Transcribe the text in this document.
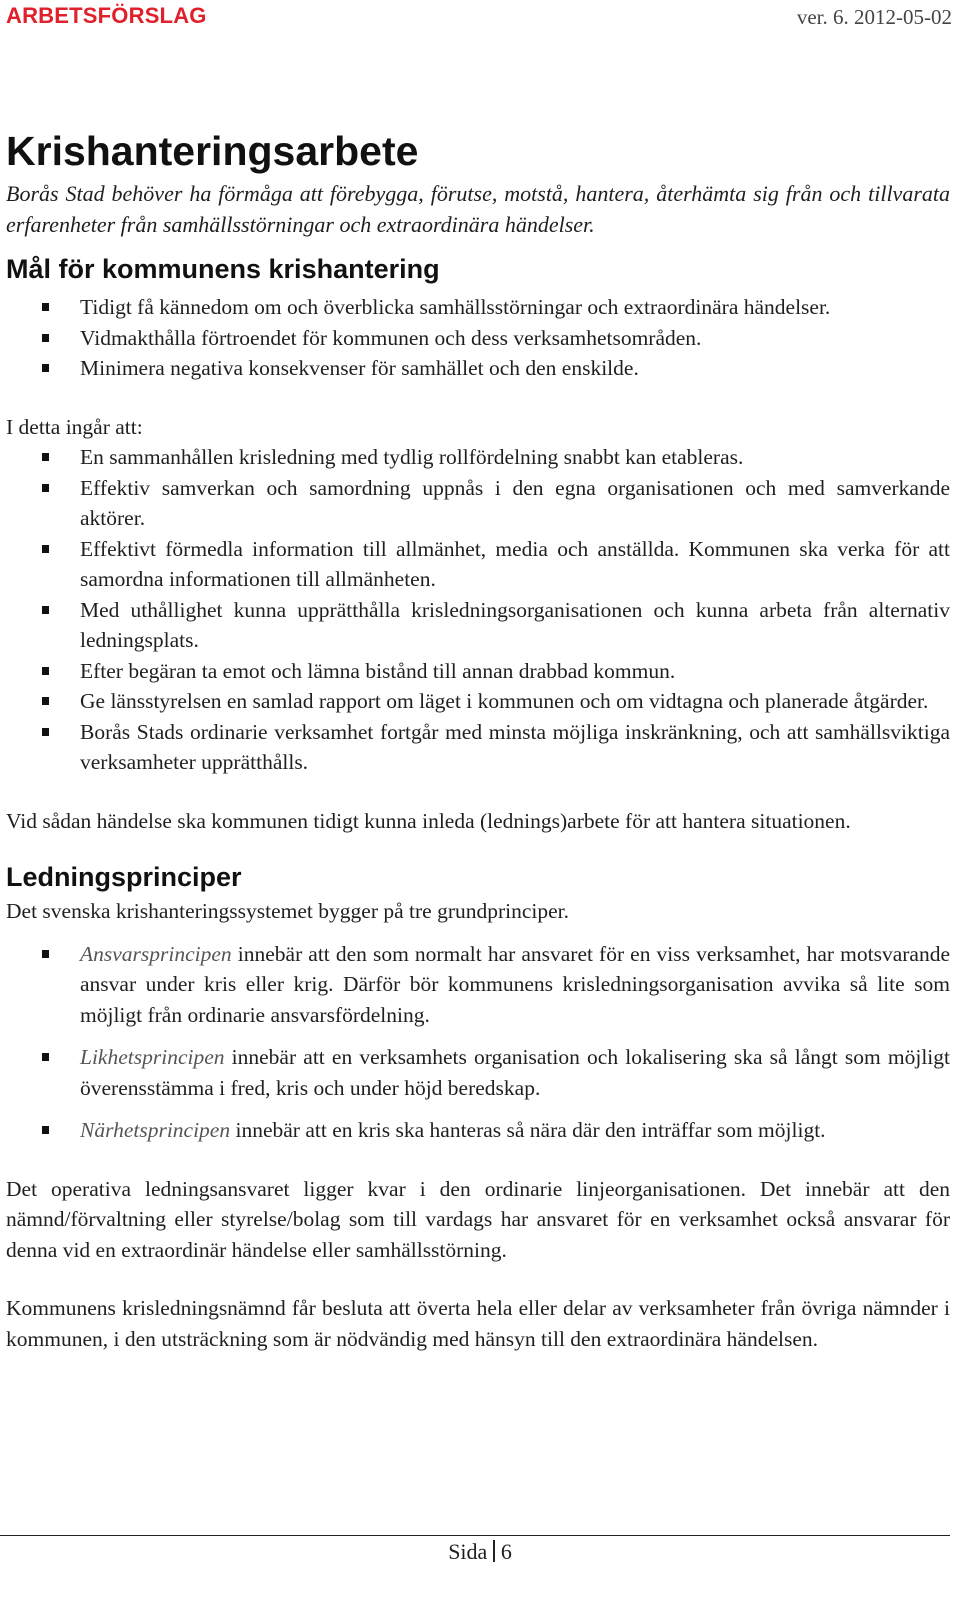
ARBETSFÖRSLAG	ver. 6. 2012-05-02
Krishanteringsarbete

Borås Stad behöver ha förmåga att förebygga, förutse, motstå, hantera, återhämta sig från och tillvarata erfarenheter från samhällsstörningar och extraordinära händelser.

Mål för kommunens krishantering
Tidigt få kännedom om och överblicka samhällsstörningar och extraordinära händelser.
Vidmakthålla förtroendet för kommunen och dess verksamhetsområden.
Minimera negativa konsekvenser för samhället och den enskilde.

I detta ingår att:

En sammanhållen krisledning med tydlig rollfördelning snabbt kan etableras.
Effektiv samverkan och samordning uppnås i den egna organisationen och med samverkande aktörer.
Effektivt förmedla information till allmänhet, media och anställda. Kommunen ska verka för att samordna informationen till allmänheten.
Med uthållighet kunna upprätthålla krisledningsorganisationen och kunna arbeta från alternativ ledningsplats.
Efter begäran ta emot och lämna bistånd till annan drabbad kommun.
Ge länsstyrelsen en samlad rapport om läget i kommunen och om vidtagna och planerade åtgärder.
Borås Stads ordinarie verksamhet fortgår med minsta möjliga inskränkning, och att samhällsviktiga verksamheter upprätthålls.

Vid sådan händelse ska kommunen tidigt kunna inleda (lednings)arbete för att hantera situationen.

Ledningsprinciper

Det svenska krishanteringssystemet bygger på tre grundprinciper.

Ansvarsprincipen innebär att den som normalt har ansvaret för en viss verksamhet, har motsvarande ansvar under kris eller krig. Därför bör kommunens krisledningsorganisation avvika så lite som möjligt från ordinarie ansvarsfördelning.
Likhetsprincipen innebär att en verksamhets organisation och lokalisering ska så långt som möjligt överensstämma i fred, kris och under höjd beredskap.
Närhetsprincipen innebär att en kris ska hanteras så nära där den inträffar som möjligt.

Det operativa ledningsansvaret ligger kvar i den ordinarie linjeorganisationen. Det innebär att den nämnd/förvaltning eller styrelse/bolag som till vardags har ansvaret för en verksamhet också ansvarar för denna vid en extraordinär händelse eller samhällsstörning.

Kommunens krisledningsnämnd får besluta att överta hela eller delar av verksamheter från övriga nämnder i kommunen, i den utsträckning som är nödvändig med hänsyn till den extraordinära händelsen.

Sida 6
